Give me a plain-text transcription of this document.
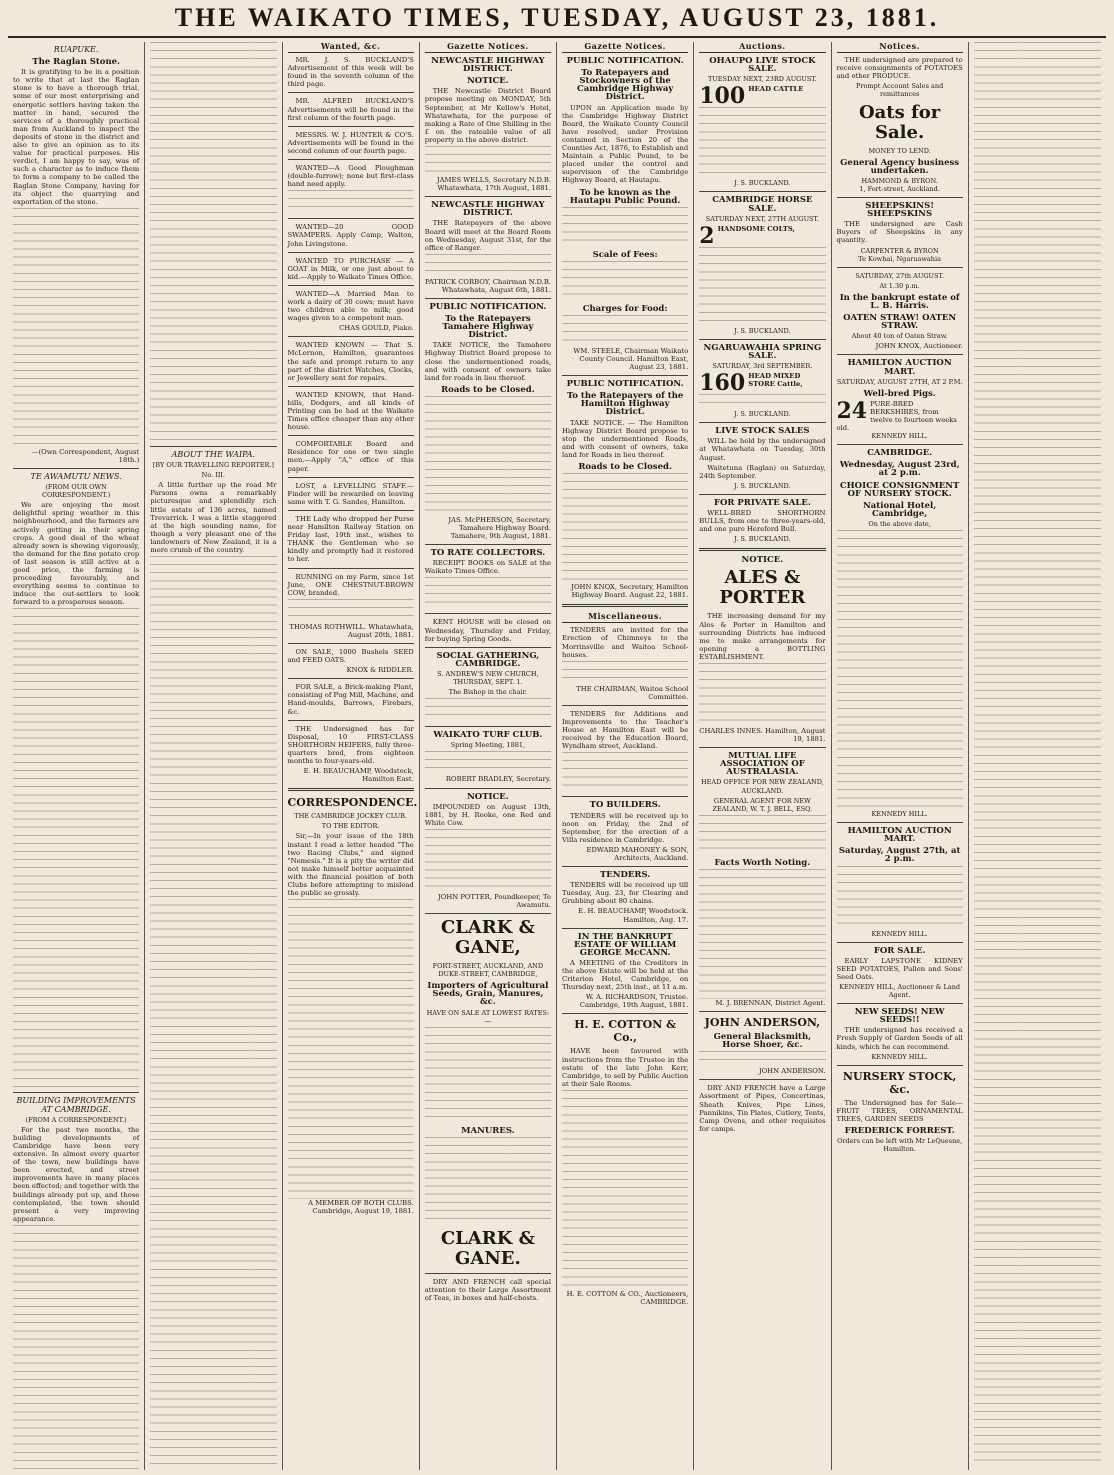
THE WAIKATO TIMES, TUESDAY, AUGUST 23, 1881.
RUAPUKE.
The Raglan Stone.

It is gratifying to be in a position to write that at last the Raglan stone is to have a thorough trial, some of our most enterprising and energetic settlers having taken the matter in hand, secured the services of a thoroughly practical man from Auckland to inspect the deposits of stone in the district and also to give an opinion as to its value for practical purposes. His verdict, I am happy to say, was of such a character as to induce them to form a company to be called the Raglan Stone Company, having for its object the quarrying and exportation of the stone.

—(Own Correspondent, August 18th.)
TE AWAMUTU NEWS.
(FROM OUR OWN CORRESPONDENT.)

We are enjoying the most delightful spring weather in this neighbourhood, and the farmers are actively getting in their spring crops. A good deal of the wheat already sown is showing vigorously, the demand for the fine potato crop of last season is still active at a good price, the farming is proceeding favourably, and everything seems to continue to induce the out-settlers to look forward to a prosperous season.

BUILDING IMPROVEMENTS AT CAMBRIDGE.
(FROM A CORRESPONDENT.)

For the past two months, the building developments of Cambridge have been very extensive. In almost every quarter of the town, new buildings have been erected, and street improvements have in many places been effected; and together with the buildings already put up, and those contemplated, the town should present a very improving appearance.

ABOUT THE WAIPA.
[BY OUR TRAVELLING REPORTER.]
No. III.

A little further up the road Mr Parsons owns a remarkably picturesque and splendidly rich little estate of 136 acres, named Trevarrick. I was a little staggered at the high sounding name, for though a very pleasant one of the landowners of New Zealand, it is a mere crumb of the country.

Wanted, &c.

MR. J. S. BUCKLAND'S Advertisement of this week will be found in the seventh column of the third page.

MR. ALFRED BUCKLAND'S Advertisements will be found in the first column of the fourth page.

MESSRS. W. J. HUNTER & CO'S. Advertisements will be found in the second column of our fourth page.

WANTED—A Good Ploughman (double-furrow); none but first-class hand need apply.

WANTED—20 GOOD SWAMPERS. Apply Camp, Walton, John Livingstone.

WANTED TO PURCHASE — A GOAT in Milk, or one just about to kid.—Apply to Waikato Times Office.

WANTED—A Married Man to work a dairy of 30 cows; must have two children able to milk; good wages given to a competent man.

CHAS GOULD, Piako.

WANTED KNOWN — That S. McLernon, Hamilton, guarantees the safe and prompt return to any part of the district Watches, Clocks, or Jewellery sent for repairs.

WANTED KNOWN, that Hand-bills, Dodgers, and all kinds of Printing can be had at the Waikato Times office cheaper than any other house.

COMFORTABLE Board and Residence for one or two single men.—Apply "A," office of this paper.

LOST, a LEVELLING STAFF.—Finder will be rewarded on leaving same with T. G. Sandes, Hamilton.

THE Lady who dropped her Purse near Hamilton Railway Station on Friday last, 19th inst., wishes to THANK the Gentleman who so kindly and promptly had it restored to her.

RUNNING on my Farm, since 1st June, ONE CHESTNUT-BROWN COW, branded.

THOMAS ROTHWILL. Whatawhata, August 20th, 1881.

ON SALE, 1000 Bushels SEED and FEED OATS.

KNOX & RIDDLER.

FOR SALE, a Brick-making Plant, consisting of Pug Mill, Machine, and Hand-moulds, Barrows, Firebars, &c.

THE Undersigned has for Disposal, 10 FIRST-CLASS SHORTHORN HEIFERS, fully three-quarters bred, from eighteen months to four-years-old.

E. H. BEAUCHAMP, Woodstock, Hamilton East.
CORRESPONDENCE.
THE CAMBRIDGE JOCKEY CLUB.
TO THE EDITOR.

Sir,—In your issue of the 18th instant I read a letter headed "The two Racing Clubs," and signed "Nemesis." It is a pity the writer did not make himself better acquainted with the financial position of both Clubs before attempting to mislead the public so grossly.

A MEMBER OF BOTH CLUBS. Cambridge, August 19, 1881.
Gazette Notices.
NEWCASTLE HIGHWAY DISTRICT.
NOTICE.

THE Newcastle District Board propose meeting on MONDAY, 5th September, at Mr Kellow's Hotel, Whatawhata, for the purpose of making a Rate of One Shilling in the £ on the rateable value of all property in the above district.

JAMES WELLS, Secretary N.D.B. Whatawhata, 17th August, 1881.
NEWCASTLE HIGHWAY DISTRICT.

THE Ratepayers of the above Board will meet at the Board Room on Wednesday, August 31st, for the office of Ranger.

PATRICK CORBOY, Chairman N.D.B. Whatawhata, August 6th, 1881.
PUBLIC NOTIFICATION.
To the Ratepayers Tamahere Highway District.

TAKE NOTICE, the Tamahere Highway District Board propose to close the undermentioned roads, and with consent of owners take land for roads in lieu thereof.

Roads to be Closed.
JAS. McPHERSON, Secretary, Tamahere Highway Board. Tamahere, 9th August, 1881.
TO RATE COLLECTORS.

RECEIPT BOOKS on SALE at the Waikato Times Office.

KENT HOUSE will be closed on Wednesday, Thursday and Friday, for buying Spring Goods.

SOCIAL GATHERING, CAMBRIDGE.
S. ANDREW'S NEW CHURCH, THURSDAY, SEPT. 1.
The Bishop in the chair.
WAIKATO TURF CLUB.
Spring Meeting, 1881,
ROBERT BRADLEY, Secretary.
NOTICE.

IMPOUNDED on August 13th, 1881, by H. Rooke, one Red and White Cow.

JOHN POTTER, Poundkeeper, Te Awamutu.
CLARK & GANE,
FORT-STREET, AUCKLAND, AND DUKE-STREET, CAMBRIDGE,
Importers of Agricultural Seeds, Grain, Manures, &c.
HAVE ON SALE AT LOWEST RATES:—
MANURES.
CLARK & GANE.

DRY AND FRENCH call special attention to their Large Assortment of Teas, in boxes and half-chests.

Gazette Notices.
PUBLIC NOTIFICATION.
To Ratepayers and Stockowners of the Cambridge Highway District.

UPON an Application made by the Cambridge Highway District Board, the Waikato County Council have resolved, under Provision contained in Section 20 of the Counties Act, 1876, to Establish and Maintain a Public Pound, to be placed under the control and supervision of the Cambridge Highway Board, at Hautapu.

To be known as the Hautapu Public Pound.
Scale of Fees:
Charges for Food:
WM. STEELE, Chairman Waikato County Council. Hamilton East, August 23, 1881.
PUBLIC NOTIFICATION.
To the Ratepayers of the Hamilton Highway District.

TAKE NOTICE. — The Hamilton Highway District Board propose to stop the undermentioned Roads, and with consent of owners, take land for Roads in lieu thereof.

Roads to be Closed.
JOHN KNOX, Secretary, Hamilton Highway Board. August 22, 1881.
Miscellaneous.

TENDERS are invited for the Erection of Chimneys to the Morrinsville and Waitoa School-houses.

THE CHAIRMAN, Waitoa School Committee.

TENDERS for Additions and Improvements to the Teacher's House at Hamilton East will be received by the Education Board, Wyndham street, Auckland.

TO BUILDERS.

TENDERS will be received up to noon on Friday, the 2nd of September, for the erection of a Villa residence in Cambridge.

EDWARD MAHONEY & SON, Architects, Auckland.
TENDERS.

TENDERS will be received up till Tuesday, Aug. 23, for Clearing and Grubbing about 80 chains.

E. H. BEAUCHAMP, Woodstock. Hamilton, Aug. 17.
IN THE BANKRUPT ESTATE OF WILLIAM GEORGE McCANN.

A MEETING of the Creditors in the above Estate will be held at the Criterion Hotel, Cambridge, on Thursday next, 25th inst., at 11 a.m.

W. A. RICHARDSON, Trustee. Cambridge, 19th August, 1881.
H. E. COTTON & Co.,

HAVE been favoured with instructions from the Trustee in the estate of the late John Kerr, Cambridge, to sell by Public Auction at their Sale Rooms.

H. E. COTTON & CO., Auctioneers, CAMBRIDGE.
Auctions.
OHAUPO LIVE STOCK SALE.
TUESDAY NEXT, 23RD AUGUST.
100 HEAD CATTLE
J. S. BUCKLAND.
CAMBRIDGE HORSE SALE.
SATURDAY NEXT, 27TH AUGUST.
2 HANDSOME COLTS,
J. S. BUCKLAND.
NGARUAWAHIA SPRING SALE.
SATURDAY, 3rd SEPTEMBER.
160 HEAD MIXED STORE Cattle,
J. S. BUCKLAND.
LIVE STOCK SALES

WILL be held by the undersigned at Whatawhata on Tuesday, 30th August.

Waitetuna (Raglan) on Saturday, 24th September.

J. S. BUCKLAND.
FOR PRIVATE SALE.

WELL-BRED SHORTHORN BULLS, from one to three-years-old, and one pure Hereford Bull.

J. S. BUCKLAND.
NOTICE.
ALES & PORTER

THE increasing demand for my Ales & Porter in Hamilton and surrounding Districts has induced me to make arrangements for opening a BOTTLING ESTABLISHMENT.

CHARLES INNES. Hamilton, August 19, 1881.
MUTUAL LIFE ASSOCIATION OF AUSTRALASIA.
HEAD OFFICE FOR NEW ZEALAND, AUCKLAND.
GENERAL AGENT FOR NEW ZEALAND, W. T. J. BELL, ESQ.
Facts Worth Noting.
M. J. BRENNAN, District Agent.
JOHN ANDERSON,
General Blacksmith, Horse Shoer, &c.
JOHN ANDERSON.

DRY AND FRENCH have a Large Assortment of Pipes, Concertinas, Sheath Knives, Pipe Lines, Pannikins, Tin Plates, Cutlery, Tents, Camp Ovens, and other requisites for camps.

Notices.

THE undersigned are prepared to receive consignments of POTATOES and other PRODUCE.

Prompt Account Sales and remittances
Oats for Sale.
MONEY TO LEND.
General Agency business undertaken.
HAMMOND & BYRON.
1, Fort-street, Auckland.
SHEEPSKINS! SHEEPSKINS

THE undersigned are Cash Buyers of Sheepskins in any quantity.

CARPENTER & BYRON
Te Kowhai, Ngaruawahia
SATURDAY, 27th AUGUST.
At 1.30 p.m.
In the bankrupt estate of L. B. Harris.
OATEN STRAW! OATEN STRAW.
About 40 ton of Oaten Straw.
JOHN KNOX, Auctioneer.
HAMILTON AUCTION MART.
SATURDAY, AUGUST 27TH, AT 2 P.M.
Well-bred Pigs.
24 PURE-BRED BERKSHIRES, from twelve to fourteen weeks old.
KENNEDY HILL.
CAMBRIDGE.
Wednesday, August 23rd, at 2 p.m.
CHOICE CONSIGNMENT OF NURSERY STOCK.
National Hotel, Cambridge,
On the above date,
KENNEDY HILL.
HAMILTON AUCTION MART.
Saturday, August 27th, at 2 p.m.
KENNEDY HILL.
FOR SALE.

EARLY LAPSTONE KIDNEY SEED POTATOES, Pullen and Sons' Seed Oats.

KENNEDY HILL, Auctioneer & Land Agent.
NEW SEEDS! NEW SEEDS!!

THE undersigned has received a Fresh Supply of Garden Seeds of all kinds, which he can recommend.

KENNEDY HILL.
NURSERY STOCK, &c.

The Undersigned has for Sale— FRUIT TREES, ORNAMENTAL TREES, GARDEN SEEDS

FREDERICK FORREST.
Orders can be left with Mr LeQuesne, Hamilton.
